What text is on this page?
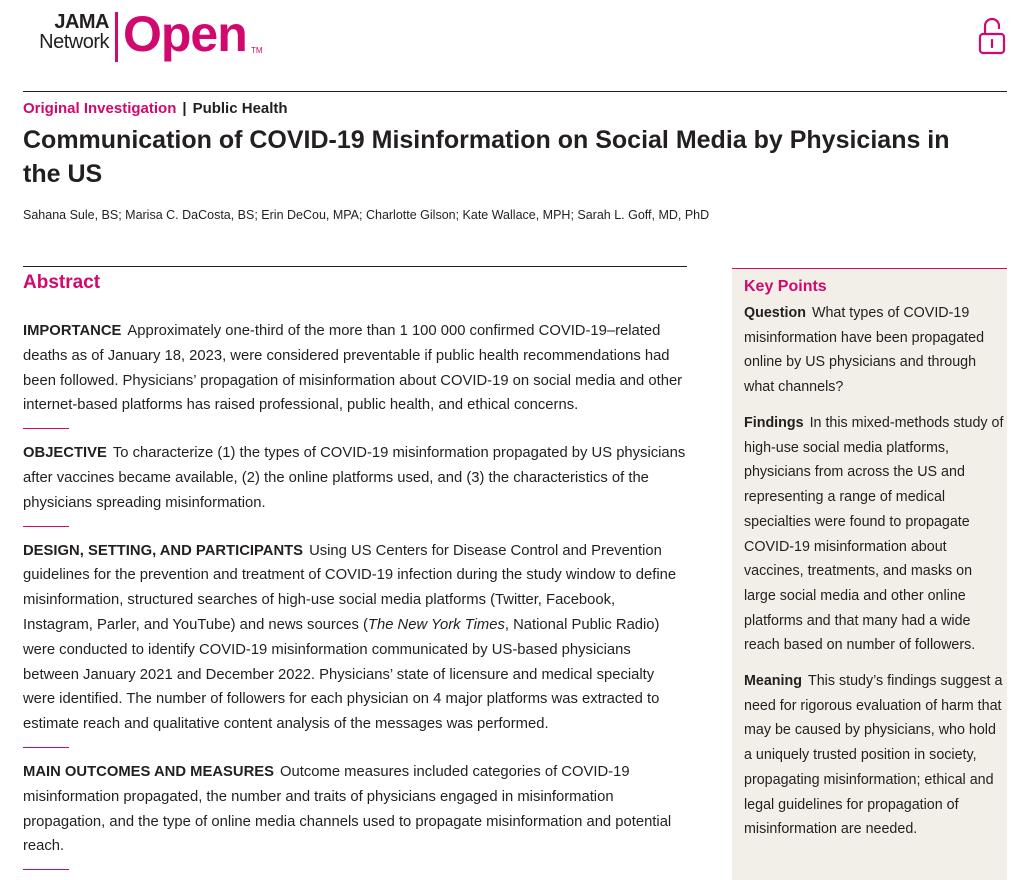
JAMA
Network Open TM
Original Investigation | Public Health
Communication of COVID-19 Misinformation on Social Media by Physicians in the US
Sahana Sule, BS; Marisa C. DaCosta, BS; Erin DeCou, MPA; Charlotte Gilson; Kate Wallace, MPH; Sarah L. Goff, MD, PhD
Abstract

IMPORTANCE Approximately one-third of the more than 1 100 000 confirmed COVID-19–related deaths as of January 18, 2023, were considered preventable if public health recommendations had been followed. Physicians’ propagation of misinformation about COVID-19 on social media and other internet-based platforms has raised professional, public health, and ethical concerns.

OBJECTIVE To characterize (1) the types of COVID-19 misinformation propagated by US physicians after vaccines became available, (2) the online platforms used, and (3) the characteristics of the physicians spreading misinformation.

DESIGN, SETTING, AND PARTICIPANTS Using US Centers for Disease Control and Prevention guidelines for the prevention and treatment of COVID-19 infection during the study window to define misinformation, structured searches of high-use social media platforms (Twitter, Facebook, Instagram, Parler, and YouTube) and news sources (The New York Times, National Public Radio) were conducted to identify COVID-19 misinformation communicated by US-based physicians between January 2021 and December 2022. Physicians’ state of licensure and medical specialty were identified. The number of followers for each physician on 4 major platforms was extracted to estimate reach and qualitative content analysis of the messages was performed.

MAIN OUTCOMES AND MEASURES Outcome measures included categories of COVID-19 misinformation propagated, the number and traits of physicians engaged in misinformation propagation, and the type of online media channels used to propagate misinformation and potential reach.

Key Points

Question What types of COVID-19 misinformation have been propagated online by US physicians and through what channels?

Findings In this mixed-methods study of high-use social media platforms, physicians from across the US and representing a range of medical specialties were found to propagate COVID-19 misinformation about vaccines, treatments, and masks on large social media and other online platforms and that many had a wide reach based on number of followers.

Meaning This study’s findings suggest a need for rigorous evaluation of harm that may be caused by physicians, who hold a uniquely trusted position in society, propagating misinformation; ethical and legal guidelines for propagation of misinformation are needed.
